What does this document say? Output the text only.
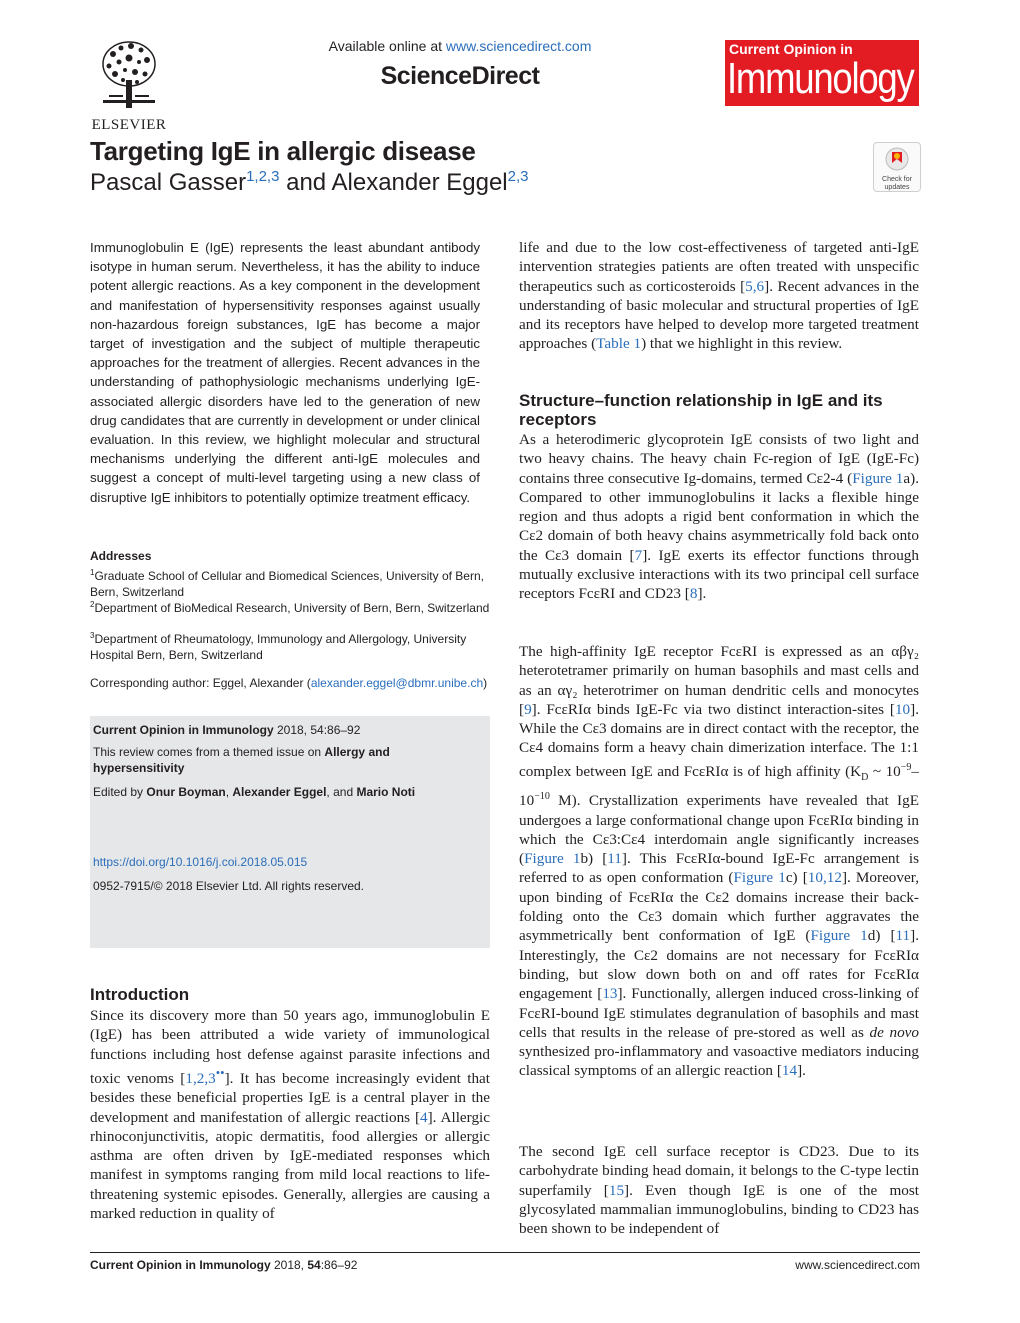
ELSEVIER
Available online at www.sciencedirect.com
ScienceDirect
Current Opinion in
Immunology
Targeting IgE in allergic disease
Pascal Gasser$^{1,2,3}$ and Alexander Eggel$^{2,3}$	Check for
updates
Immunoglobulin E (IgE) represents the least abundant antibody isotype in human serum. Nevertheless, it has the ability to induce potent allergic reactions. As a key component in the development and manifestation of hypersensitivity responses against usually non-hazardous foreign substances, IgE has become a major target of investigation and the subject of multiple therapeutic approaches for the treatment of allergies. Recent advances in the understanding of pathophysiologic mechanisms underlying IgE-associated allergic disorders have led to the generation of new drug candidates that are currently in development or under clinical evaluation. In this review, we highlight molecular and structural mechanisms underlying the different anti-IgE molecules and suggest a concept of multi-level targeting using a new class of disruptive IgE inhibitors to potentially optimize treatment efficacy.
Addresses
$^1$Graduate School of Cellular and Biomedical Sciences, University of Bern, Bern, Switzerland
$^2$Department of BioMedical Research, University of Bern, Bern, Switzerland
$^3$Department of Rheumatology, Immunology and Allergology, University Hospital Bern, Bern, Switzerland
Corresponding author: Eggel, Alexander (alexander.eggel@dbmr.unibe.ch)
Current Opinion in Immunology 2018, 54:86–92
This review comes from a themed issue on Allergy and hypersensitivity
Edited by Onur Boyman, Alexander Eggel, and Mario Noti
https://doi.org/10.1016/j.coi.2018.05.015
0952-7915/© 2018 Elsevier Ltd. All rights reserved.
Introduction
Since its discovery more than 50 years ago, immunoglobulin E (IgE) has been attributed a wide variety of immunological functions including host defense against parasite infections and toxic venoms [1,2,3••]. It has become increasingly evident that besides these beneficial properties IgE is a central player in the development and manifestation of allergic reactions [4]. Allergic rhinoconjunctivitis, atopic dermatitis, food allergies or allergic asthma are often driven by IgE-mediated responses which manifest in symptoms ranging from mild local reactions to life-threatening systemic episodes. Generally, allergies are causing a marked reduction in quality of
life and due to the low cost-effectiveness of targeted anti-IgE intervention strategies patients are often treated with unspecific therapeutics such as corticosteroids [5,6]. Recent advances in the understanding of basic molecular and structural properties of IgE and its receptors have helped to develop more targeted treatment approaches (Table 1) that we highlight in this review.
Structure–function relationship in IgE and its receptors
As a heterodimeric glycoprotein IgE consists of two light and two heavy chains. The heavy chain Fc-region of IgE (IgE-Fc) contains three consecutive Ig-domains, termed Cε2-4 (Figure 1a). Compared to other immunoglobulins it lacks a flexible hinge region and thus adopts a rigid bent conformation in which the Cε2 domain of both heavy chains asymmetrically fold back onto the Cε3 domain [7]. IgE exerts its effector functions through mutually exclusive interactions with its two principal cell surface receptors FcεRI and CD23 [8].
The high-affinity IgE receptor FcεRI is expressed as an αβγ₂ heterotetramer primarily on human basophils and mast cells and as an αγ₂ heterotrimer on human dendritic cells and monocytes [9]. FcεRIα binds IgE-Fc via two distinct interaction-sites [10]. While the Cε3 domains are in direct contact with the receptor, the Cε4 domains form a heavy chain dimerization interface. The 1:1 complex between IgE and FcεRIα is of high affinity ($K_D$ ~ $10^{-9}-10^{-10}$ M). Crystallization experiments have revealed that IgE undergoes a large conformational change upon FcεRIα binding in which the Cε3:Cε4 interdomain angle significantly increases (Figure 1b) [11]. This FcεRIα-bound IgE-Fc arrangement is referred to as open conformation (Figure 1c) [10,12]. Moreover, upon binding of FcεRIα the Cε2 domains increase their back-folding onto the Cε3 domain which further aggravates the asymmetrically bent conformation of IgE (Figure 1d) [11]. Interestingly, the Cε2 domains are not necessary for FcεRIα binding, but slow down both on and off rates for FcεRIα engagement [13]. Functionally, allergen induced cross-linking of FcεRI-bound IgE stimulates degranulation of basophils and mast cells that results in the release of pre-stored as well as de novo synthesized pro-inflammatory and vasoactive mediators inducing classical symptoms of an allergic reaction [14].
The second IgE cell surface receptor is CD23. Due to its carbohydrate binding head domain, it belongs to the C-type lectin superfamily [15]. Even though IgE is one of the most glycosylated mammalian immunoglobulins, binding to CD23 has been shown to be independent of
Current Opinion in Immunology 2018, 54:86–92	www.sciencedirect.com
